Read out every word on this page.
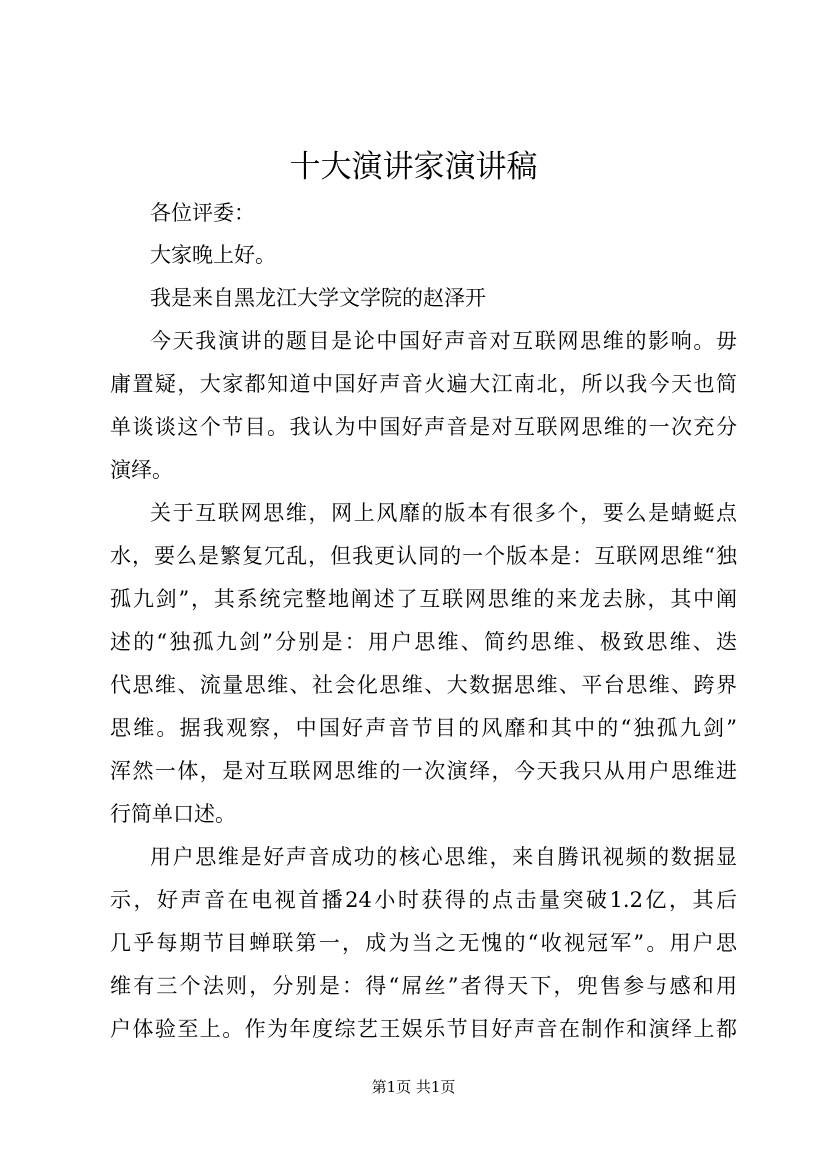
十大演讲家演讲稿
各位评委：
大家晚上好。
我是来自黑龙江大学文学院的赵泽开
今天我演讲的题目是论中国好声音对互联网思维的影响。毋
庸置疑，大家都知道中国好声音火遍大江南北，所以我今天也简
单谈谈这个节目。我认为中国好声音是对互联网思维的一次充分
演绎。
关于互联网思维，网上风靡的版本有很多个，要么是蜻蜓点
水，要么是繁复冗乱，但我更认同的一个版本是：互联网思维“独
孤九剑”，其系统完整地阐述了互联网思维的来龙去脉，其中阐
述的“独孤九剑”分别是：用户思维、简约思维、极致思维、迭
代思维、流量思维、社会化思维、大数据思维、平台思维、跨界
思维。据我观察，中国好声音节目的风靡和其中的“独孤九剑”
浑然一体，是对互联网思维的一次演绎，今天我只从用户思维进
行简单口述。
用户思维是好声音成功的核心思维，来自腾讯视频的数据显
示，好声音在电视首播24小时获得的点击量突破1.2亿，其后
几乎每期节目蝉联第一，成为当之无愧的“收视冠军”。用户思
维有三个法则，分别是：得“屌丝”者得天下，兜售参与感和用
户体验至上。作为年度综艺王娱乐节目好声音在制作和演绎上都
第1页 共1页
